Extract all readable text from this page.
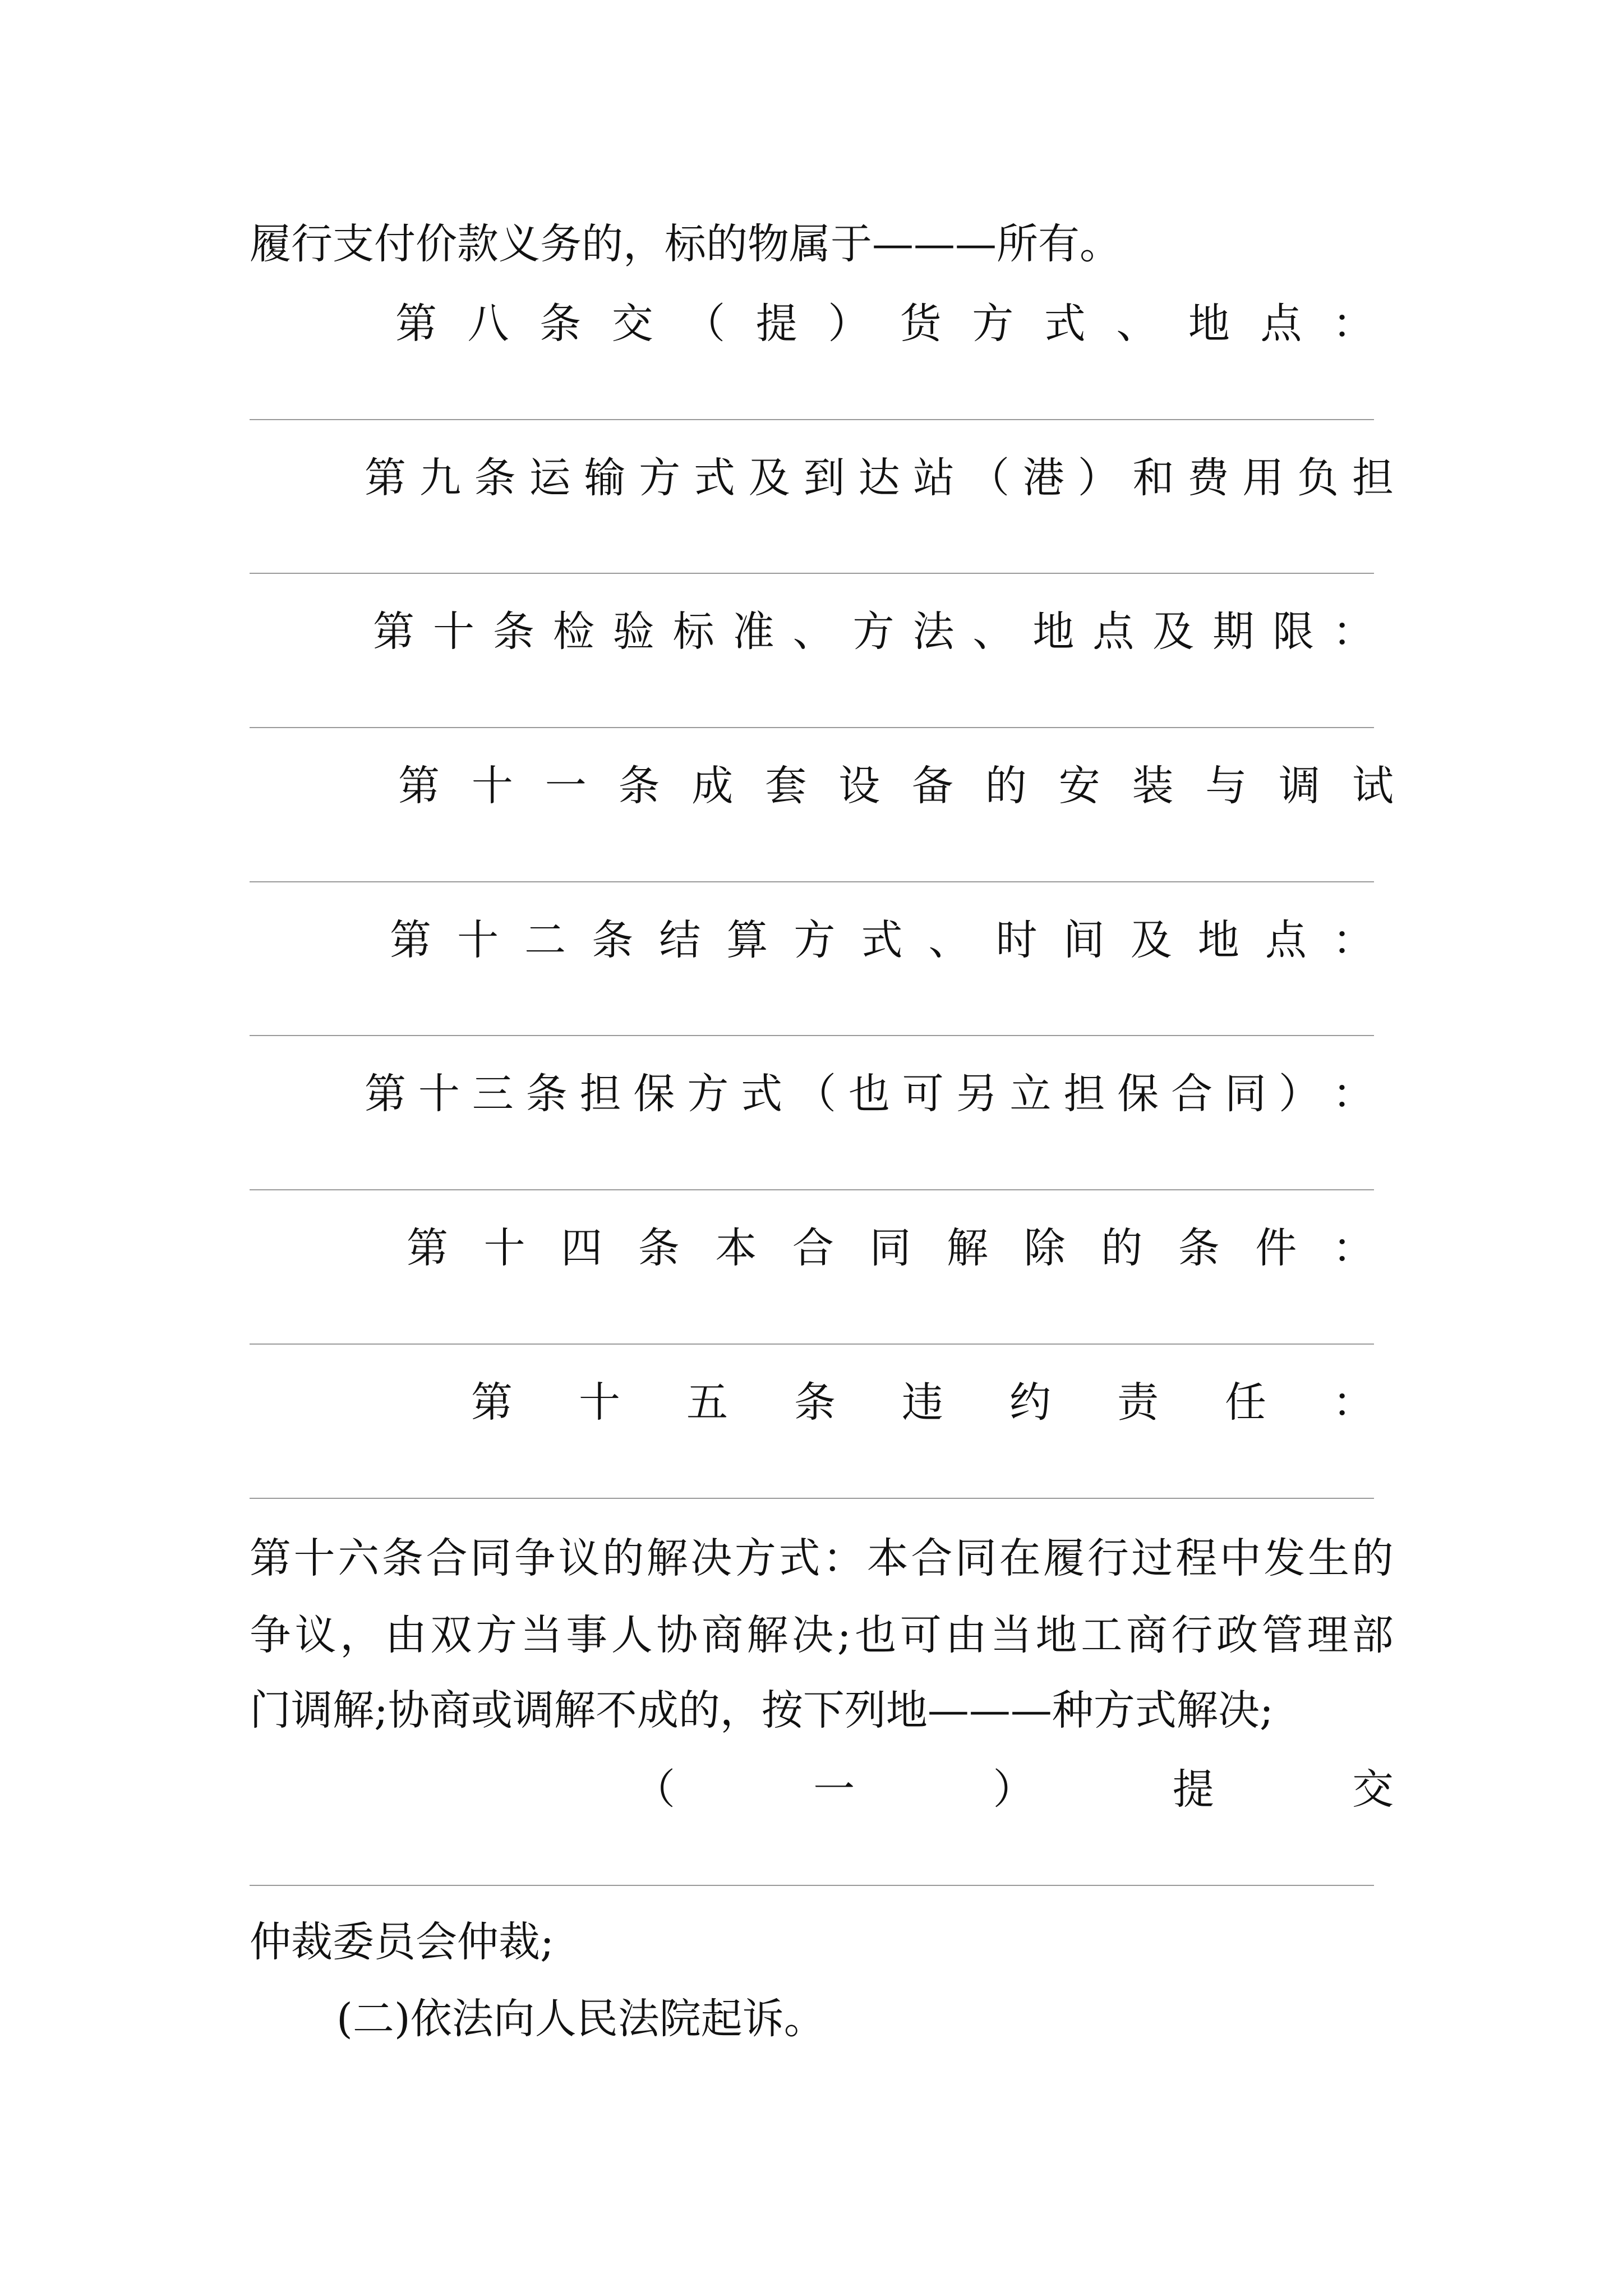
履行支付价款义务的，标的物属于———所有。
第 八 条 交 （ 提 ） 货 方 式 、 地 点 ：
第 九 条 运 输 方 式 及 到 达 站 （ 港 ） 和 费 用 负 担
第 十 条 检 验 标 准 、 方 法 、 地 点 及 期 限 ：
第 十 一 条 成 套 设 备 的 安 装 与 调 试
第 十 二 条 结 算 方 式 、 时 间 及 地 点 ：
第 十 三 条 担 保 方 式 （ 也 可 另 立 担 保 合 同 ） ：
第 十 四 条 本 合 同 解 除 的 条 件 ：
第 十 五 条 违 约 责 任 ：
第 十 六 条 合 同 争 议 的 解 决 方 式 ： 本 合 同 在 履 行 过 程 中 发 生 的
争 议 ， 由 双 方 当 事 人 协 商 解 决 ; 也 可 由 当 地 工 商 行 政 管 理 部
门调解;协商或调解不成的，按下列地———种方式解决;
（	一	）	提	交
仲裁委员会仲裁;
(二)依法向人民法院起诉。
